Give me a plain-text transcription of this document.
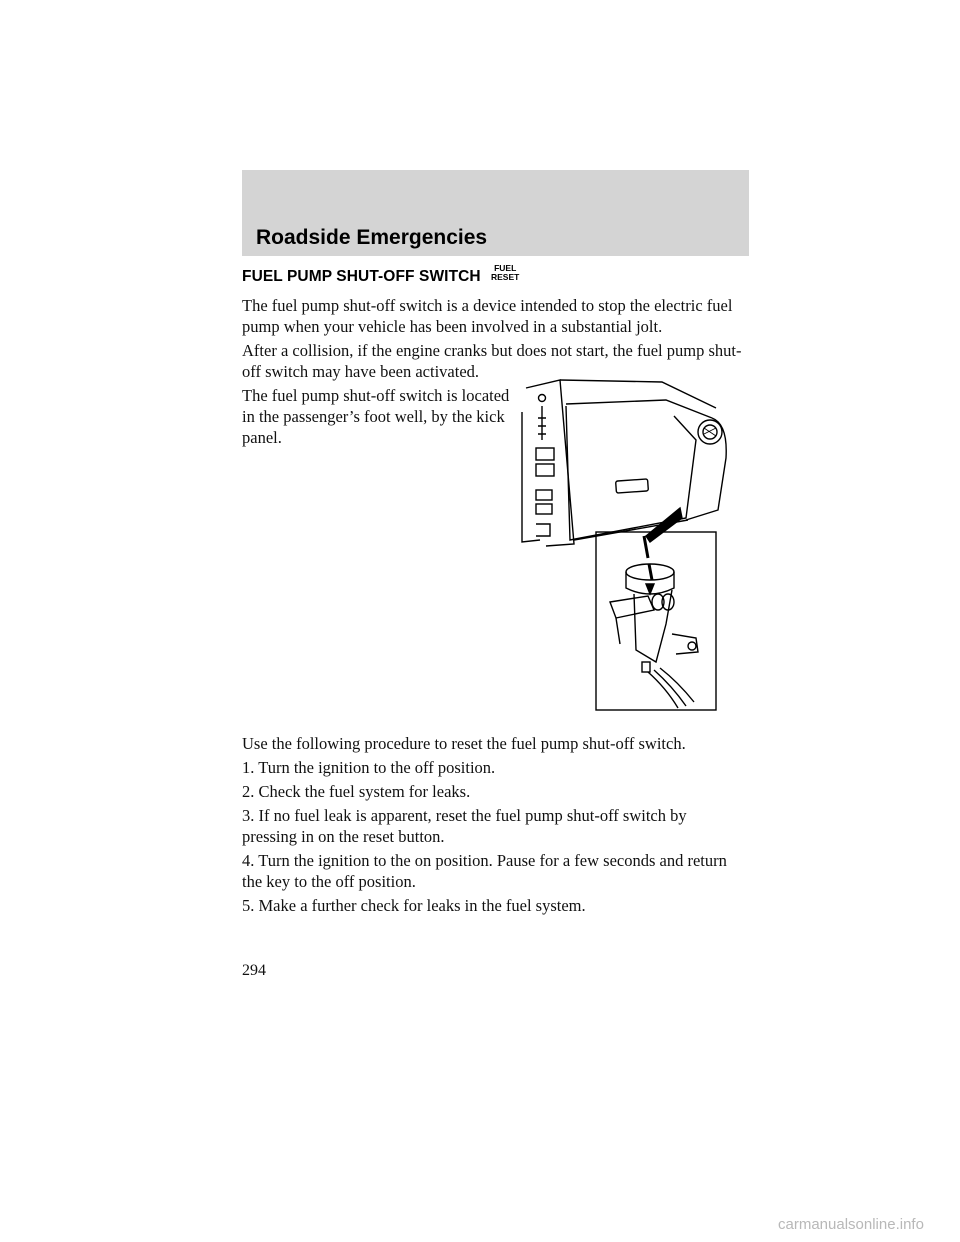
Roadside Emergencies
FUEL PUMP SHUT-OFF SWITCH	FUEL
RESET

The fuel pump shut-off switch is a device intended to stop the electric fuel pump when your vehicle has been involved in a substantial jolt.

After a collision, if the engine cranks but does not start, the fuel pump shut-off switch may have been activated.

The fuel pump shut-off switch is located in the passenger’s foot well, by the kick panel.

Use the following procedure to reset the fuel pump shut-off switch.

1. Turn the ignition to the off position.

2. Check the fuel system for leaks.

3. If no fuel leak is apparent, reset the fuel pump shut-off switch by pressing in on the reset button.

4. Turn the ignition to the on position. Pause for a few seconds and return the key to the off position.

5. Make a further check for leaks in the fuel system.

294
carmanualsonline.info
